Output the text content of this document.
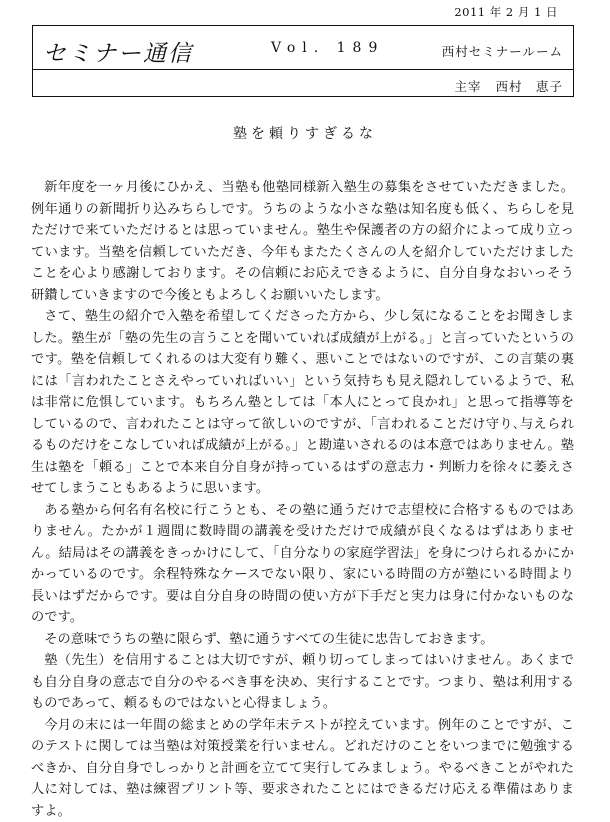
2011 年 2 月 1 日
セミナー通信	Vol. 189	西村セミナールーム
主宰 西村　恵子
塾を頼りすぎるな

新年度を一ヶ月後にひかえ、当塾も他塾同様新入塾生の募集をさせていただきました。例年通りの新聞折り込みちらしです。うちのような小さな塾は知名度も低く、ちらしを見ただけで来ていただけるとは思っていません。塾生や保護者の方の紹介によって成り立っています。当塾を信頼していただき、今年もまたたくさんの人を紹介していただけましたことを心より感謝しております。その信頼にお応えできるように、自分自身なおいっそう研鑽していきますので今後ともよろしくお願いいたします。

さて、塾生の紹介で入塾を希望してくださった方から、少し気になることをお聞きしました。塾生が「塾の先生の言うことを聞いていれば成績が上がる。」と言っていたというのです。塾を信頼してくれるのは大変有り難く、悪いことではないのですが、この言葉の裏には「言われたことさえやっていればいい」という気持ちも見え隠れしているようで、私は非常に危惧しています。もちろん塾としては「本人にとって良かれ」と思って指導等をしているので、言われたことは守って欲しいのですが、「言われることだけ守り､与えられるものだけをこなしていれば成績が上がる。」と勘違いされるのは本意ではありません。塾生は塾を「頼る」ことで本来自分自身が持っているはずの意志力・判断力を徐々に萎えさせてしまうこともあるように思います。

ある塾から何名有名校に行こうとも、その塾に通うだけで志望校に合格するものではありません。たかが１週間に数時間の講義を受けただけで成績が良くなるはずはありません。結局はその講義をきっかけにして、「自分なりの家庭学習法」を身につけられるかにかかっているのです。余程特殊なケースでない限り、家にいる時間の方が塾にいる時間より長いはずだからです。要は自分自身の時間の使い方が下手だと実力は身に付かないものなのです。

その意味でうちの塾に限らず、塾に通うすべての生徒に忠告しておきます。

塾（先生）を信用することは大切ですが、頼り切ってしまってはいけません。あくまでも自分自身の意志で自分のやるべき事を決め、実行することです。つまり、塾は利用するものであって、頼るものではないと心得ましょう。

今月の末には一年間の総まとめの学年末テストが控えています。例年のことですが、このテストに関しては当塾は対策授業を行いません。どれだけのことをいつまでに勉強するべきか、自分自身でしっかりと計画を立てて実行してみましょう。やるべきことがやれた人に対しては、塾は練習プリント等、要求されたことにはできるだけ応える準備はありますよ。
